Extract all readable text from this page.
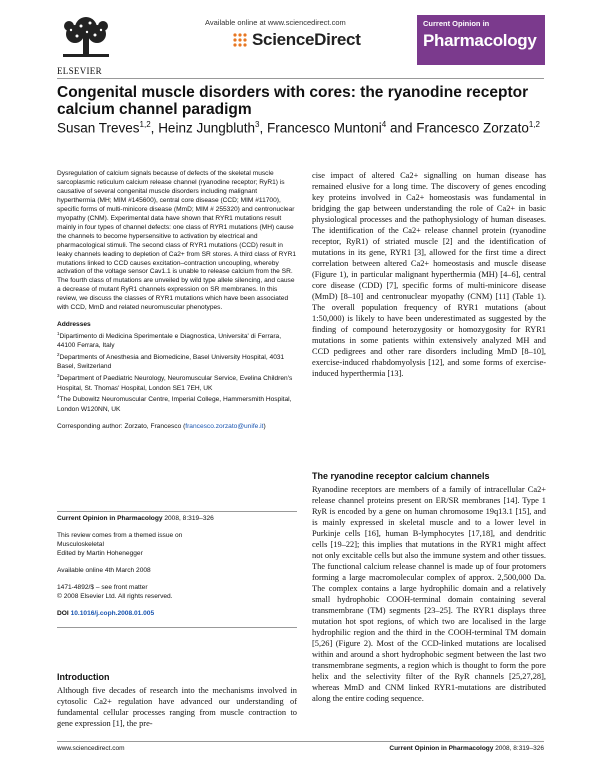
ELSEVIER
Available online at www.sciencedirect.com
ScienceDirect
Current Opinion in
Pharmacology
Congenital muscle disorders with cores: the ryanodine receptor calcium channel paradigm
Susan Treves$^{1,2}$, Heinz Jungbluth$^3$, Francesco Muntoni$^4$ and Francesco Zorzato$^{1,2}$

Dysregulation of calcium signals because of defects of the skeletal muscle sarcoplasmic reticulum calcium release channel (ryanodine receptor; RyR1) is causative of several congenital muscle disorders including malignant hyperthermia (MH; MIM #145600), central core disease (CCD; MIM #11700), specific forms of multi-minicore disease (MmD; MIM # 255320) and centronuclear myopathy (CNM). Experimental data have shown that RYR1 mutations result mainly in four types of channel defects: one class of RYR1 mutations (MH) cause the channels to become hypersensitive to activation by electrical and pharmacological stimuli. The second class of RYR1 mutations (CCD) result in leaky channels leading to depletion of Ca2+ from SR stores. A third class of RYR1 mutations linked to CCD causes excitation–contraction uncoupling, whereby activation of the voltage sensor Cav1.1 is unable to release calcium from the SR. The fourth class of mutations are unveiled by wild type allele silencing, and cause a decrease of mutant RyR1 channels expression on SR membranes. In this review, we discuss the classes of RYR1 mutations which have been associated with CCD, MmD and related neuromuscular phenotypes.

Addresses

$^1$Dipartimento di Medicina Sperimentale e Diagnostica, Universita' di Ferrara, 44100 Ferrara, Italy

$^2$Departments of Anesthesia and Biomedicine, Basel University Hospital, 4031 Basel, Switzerland

$^3$Department of Paediatric Neurology, Neuromuscular Service, Evelina Children's Hospital, St. Thomas' Hospital, London SE1 7EH, UK

$^4$The Dubowitz Neuromuscular Centre, Imperial College, Hammersmith Hospital, London W120NN, UK

Corresponding author: Zorzato, Francesco (francesco.zorzato@unife.it)

Current Opinion in Pharmacology 2008, 8:319–326

This review comes from a themed issue on
Musculoskeletal
Edited by Martin Hohenegger

Available online 4th March 2008

1471-4892/$ – see front matter
© 2008 Elsevier Ltd. All rights reserved.

DOI 10.1016/j.coph.2008.01.005

Introduction

Although five decades of research into the mechanisms involved in cytosolic Ca2+ regulation have advanced our understanding of fundamental cellular processes ranging from muscle contraction to gene expression [1], the pre-

cise impact of altered Ca2+ signalling on human disease has remained elusive for a long time. The discovery of genes encoding key proteins involved in Ca2+ homeostasis was fundamental in bridging the gap between understanding the role of Ca2+ in basic physiological processes and the pathophysiology of human diseases. The identification of the Ca2+ release channel protein (ryanodine receptor, RyR1) of striated muscle [2] and the identification of mutations in its gene, RYR1 [3], allowed for the first time a direct correlation between altered Ca2+ homeostasis and muscle disease (Figure 1), in particular malignant hyperthermia (MH) [4–6], central core disease (CDD) [7], specific forms of multi-minicore disease (MmD) [8–10] and centronuclear myopathy (CNM) [11] (Table 1). The overall population frequency of RYR1 mutations (about 1:50,000) is likely to have been underestimated as suggested by the finding of compound heterozygosity or homozygosity for RYR1 mutations in some patients within extensively analyzed MH and CCD pedigrees and other rare disorders including MmD [8–10], exercise-induced rhabdomyolysis [12], and some forms of exercise-induced hyperthermia [13].

The ryanodine receptor calcium channels

Ryanodine receptors are members of a family of intracellular Ca2+ release channel proteins present on ER/SR membranes [14]. Type 1 RyR is encoded by a gene on human chromosome 19q13.1 [15], and is mainly expressed in skeletal muscle and to a lower level in Purkinje cells [16], human B-lymphocytes [17,18], and dendritic cells [19–22]; this implies that mutations in the RYR1 might affect not only excitable cells but also the immune system and other tissues. The functional calcium release channel is made up of four protomers forming a large macromolecular complex of approx. 2,500,000 Da. The complex contains a large hydrophilic domain and a relatively small hydrophobic COOH-terminal domain containing several transmembrane (TM) segments [23–25]. The RYR1 displays three mutation hot spot regions, of which two are localised in the large hydrophilic region and the third in the COOH-terminal TM domain [5,26] (Figure 2). Most of the CCD-linked mutations are localised within and around a short hydrophobic segment between the last two transmembrane segments, a region which is thought to form the pore helix and the selectivity filter of the RyR channels [25,27,28], whereas MmD and CNM linked RYR1-mutations are distributed along the entire coding sequence.

www.sciencedirect.com	Current Opinion in Pharmacology 2008, 8:319–326
